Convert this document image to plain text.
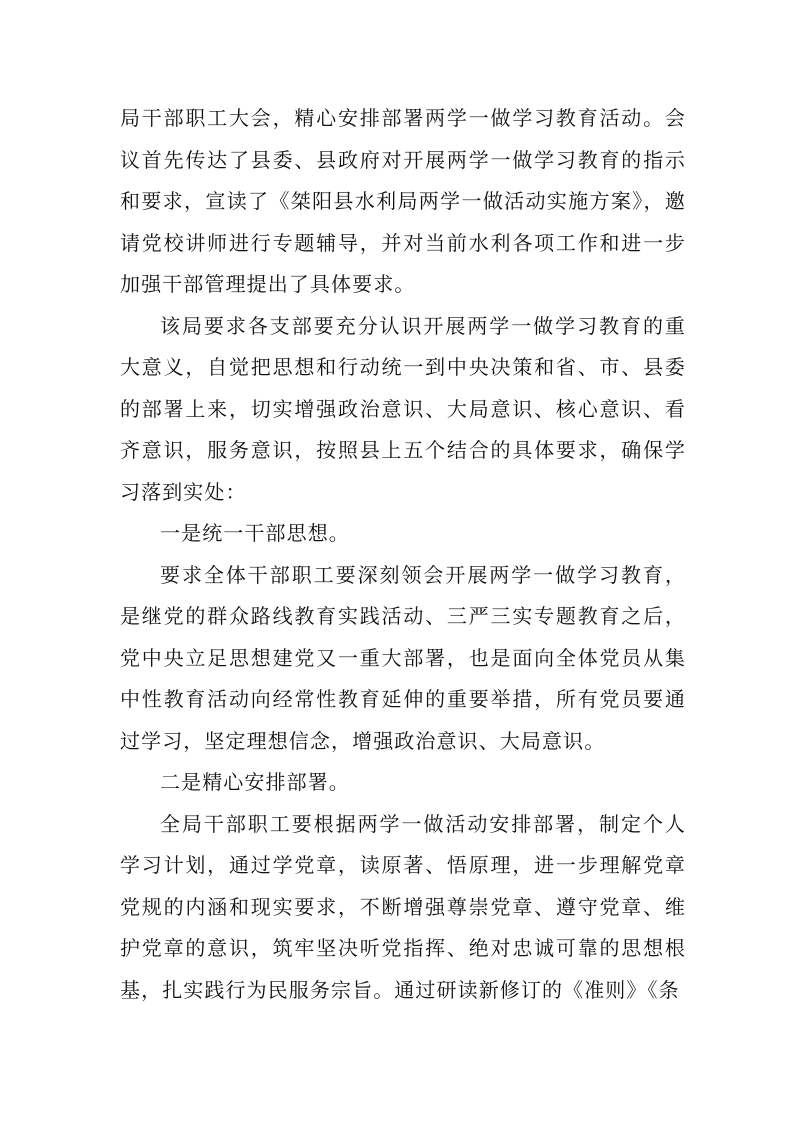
局干部职工大会，精心安排部署两学一做学习教育活动。会议首先传达了县委、县政府对开展两学一做学习教育的指示和要求，宣读了《桀阳县水利局两学一做活动实施方案》，邀请党校讲师进行专题辅导，并对当前水利各项工作和进一步加强干部管理提出了具体要求。

该局要求各支部要充分认识开展两学一做学习教育的重大意义，自觉把思想和行动统一到中央决策和省、市、县委的部署上来，切实增强政治意识、大局意识、核心意识、看齐意识，服务意识，按照县上五个结合的具体要求，确保学习落到实处：

一是统一干部思想。

要求全体干部职工要深刻领会开展两学一做学习教育，是继党的群众路线教育实践活动、三严三实专题教育之后，党中央立足思想建党又一重大部署，也是面向全体党员从集中性教育活动向经常性教育延伸的重要举措，所有党员要通过学习，坚定理想信念，增强政治意识、大局意识。

二是精心安排部署。

全局干部职工要根据两学一做活动安排部署，制定个人学习计划，通过学党章，读原著、悟原理，进一步理解党章党规的内涵和现实要求，不断增强尊崇党章、遵守党章、维护党章的意识，筑牢坚决听党指挥、绝对忠诚可靠的思想根基，扎实践行为民服务宗旨。通过研读新修订的《准则》《条
